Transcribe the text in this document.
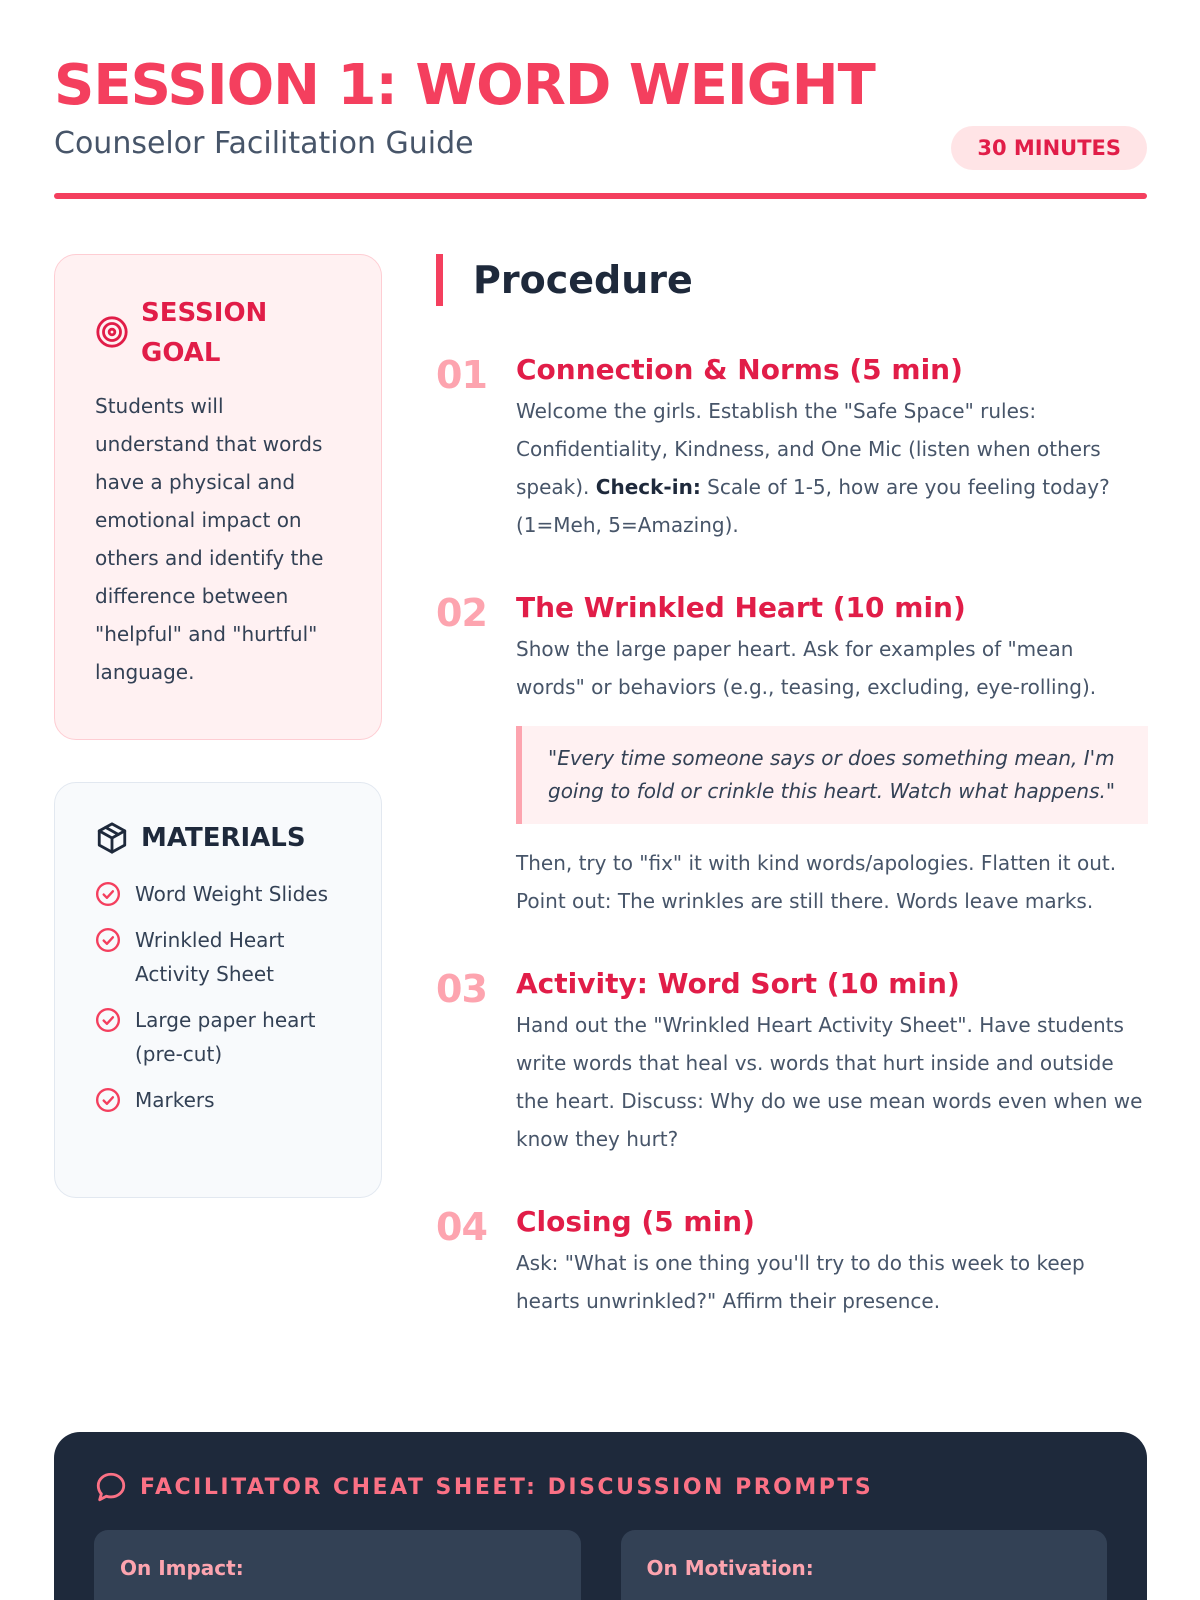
SESSION 1: WORD WEIGHT
Counselor Facilitation Guide	30 MINUTES
SESSION
GOAL

Students will understand that words have a physical and emotional impact on others and identify the difference between "helpful" and "hurtful" language.

MATERIALS
Word Weight Slides
Wrinkled Heart Activity Sheet
Large paper heart (pre-cut)
Markers
Procedure
01 Connection & Norms (5 min)

Welcome the girls. Establish the "Safe Space" rules: Confidentiality, Kindness, and One Mic (listen when others speak). Check-in: Scale of 1-5, how are you feeling today? (1=Meh, 5=Amazing).

02 The Wrinkled Heart (10 min)

Show the large paper heart. Ask for examples of "mean words" or behaviors (e.g., teasing, excluding, eye-rolling).

"Every time someone says or does something mean, I'm going to fold or crinkle this heart. Watch what happens."

Then, try to "fix" it with kind words/apologies. Flatten it out. Point out: The wrinkles are still there. Words leave marks.

03 Activity: Word Sort (10 min)

Hand out the "Wrinkled Heart Activity Sheet". Have students write words that heal vs. words that hurt inside and outside the heart. Discuss: Why do we use mean words even when we know they hurt?

04 Closing (5 min)

Ask: "What is one thing you'll try to do this week to keep hearts unwrinkled?" Affirm their presence.

FACILITATOR CHEAT SHEET: DISCUSSION PROMPTS
On Impact:	On Motivation:
